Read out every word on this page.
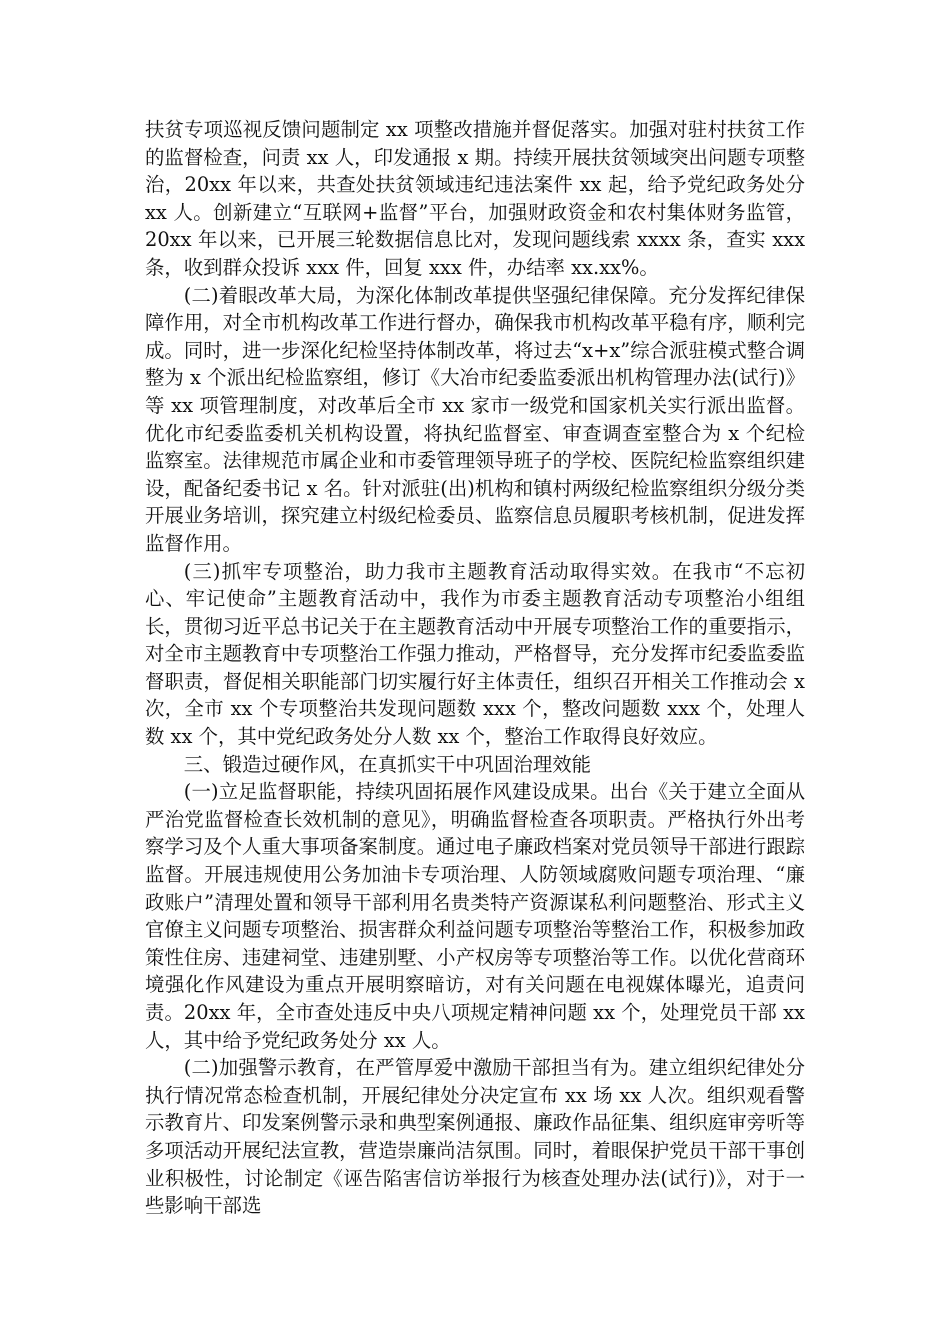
扶贫专项巡视反馈问题制定 xx 项整改措施并督促落实。加强对驻村扶贫工作的监督检查，问责 xx 人，印发通报 x 期。持续开展扶贫领域突出问题专项整治，20xx 年以来，共查处扶贫领域违纪违法案件 xx 起，给予党纪政务处分 xx 人。创新建立“互联网+监督”平台，加强财政资金和农村集体财务监管，20xx 年以来，已开展三轮数据信息比对，发现问题线索 xxxx 条，查实 xxx 条，收到群众投诉 xxx 件，回复 xxx 件，办结率 xx.xx%。

(二)着眼改革大局，为深化体制改革提供坚强纪律保障。充分发挥纪律保障作用，对全市机构改革工作进行督办，确保我市机构改革平稳有序，顺利完成。同时，进一步深化纪检坚持体制改革，将过去“x+x”综合派驻模式整合调整为 x 个派出纪检监察组，修订《大冶市纪委监委派出机构管理办法(试行)》等 xx 项管理制度，对改革后全市 xx 家市一级党和国家机关实行派出监督。优化市纪委监委机关机构设置，将执纪监督室、审查调查室整合为 x 个纪检监察室。法律规范市属企业和市委管理领导班子的学校、医院纪检监察组织建设，配备纪委书记 x 名。针对派驻(出)机构和镇村两级纪检监察组织分级分类开展业务培训，探究建立村级纪检委员、监察信息员履职考核机制，促进发挥监督作用。

(三)抓牢专项整治，助力我市主题教育活动取得实效。在我市“不忘初心、牢记使命”主题教育活动中，我作为市委主题教育活动专项整治小组组长，贯彻习近平总书记关于在主题教育活动中开展专项整治工作的重要指示，对全市主题教育中专项整治工作强力推动，严格督导，充分发挥市纪委监委监督职责，督促相关职能部门切实履行好主体责任，组织召开相关工作推动会 x 次，全市 xx 个专项整治共发现问题数 xxx 个，整改问题数 xxx 个，处理人数 xx 个，其中党纪政务处分人数 xx 个，整治工作取得良好效应。

三、锻造过硬作风，在真抓实干中巩固治理效能

(一)立足监督职能，持续巩固拓展作风建设成果。出台《关于建立全面从严治党监督检查长效机制的意见》，明确监督检查各项职责。严格执行外出考察学习及个人重大事项备案制度。通过电子廉政档案对党员领导干部进行跟踪监督。开展违规使用公务加油卡专项治理、人防领域腐败问题专项治理、“廉政账户”清理处置和领导干部利用名贵类特产资源谋私利问题整治、形式主义官僚主义问题专项整治、损害群众利益问题专项整治等整治工作，积极参加政策性住房、违建祠堂、违建别墅、小产权房等专项整治等工作。以优化营商环境强化作风建设为重点开展明察暗访，对有关问题在电视媒体曝光，追责问责。20xx 年，全市查处违反中央八项规定精神问题 xx 个，处理党员干部 xx 人，其中给予党纪政务处分 xx 人。

(二)加强警示教育，在严管厚爱中激励干部担当有为。建立组织纪律处分执行情况常态检查机制，开展纪律处分决定宣布 xx 场 xx 人次。组织观看警示教育片、印发案例警示录和典型案例通报、廉政作品征集、组织庭审旁听等多项活动开展纪法宣教，营造崇廉尚洁氛围。同时，着眼保护党员干部干事创业积极性，讨论制定《诬告陷害信访举报行为核查处理办法(试行)》，对于一些影响干部选
